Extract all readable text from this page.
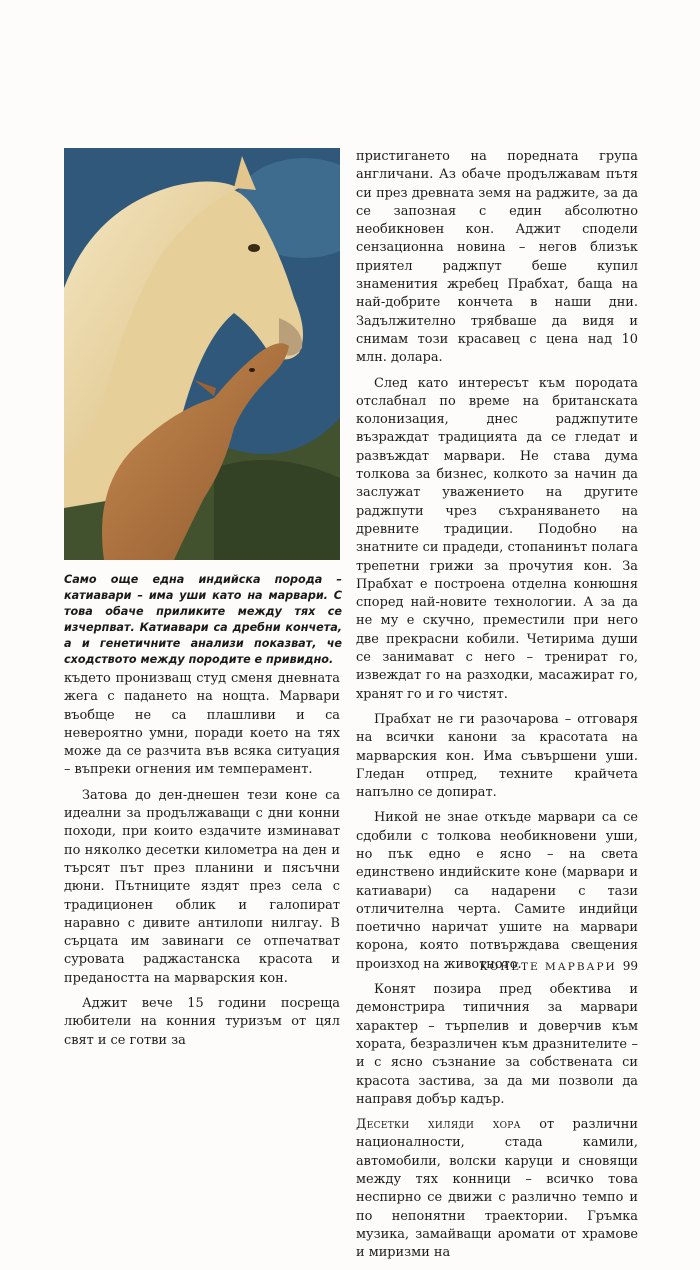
Само още една индийска порода – катиавари – има уши като на марвари. С това обаче приликите между тях се изчерпват. Катиавари са дребни кончета, а и генетичните анализи показват, че сходството между породите е привидно.

където пронизващ студ сменя дневната жега с падането на нощта. Марвари въобще не са плашливи и са невероятно умни, поради което на тях може да се разчита във всяка ситуация – въпреки огнения им темперамент.

Затова до ден-днешен тези коне са идеални за продължаващи с дни конни походи, при които ездачите изминават по няколко десетки километра на ден и търсят път през планини и пясъчни дюни. Пътниците яздят през села с традиционен облик и галопират наравно с дивите антилопи нилгау. В сърцата им завинаги се отпечатват суровата раджастанска красота и предаността на марварския кон.

Аджит вече 15 години посреща любители на конния туризъм от цял свят и се готви за

пристигането на поредната група англичани. Аз обаче продължавам пътя си през древната земя на раджите, за да се запозная с един абсолютно необикновен кон. Аджит сподели сензационна новина – негов близък приятел раджпут беше купил знаменития жребец Прабхат, баща на най-добрите кончета в наши дни. Задължително трябваше да видя и снимам този красавец с цена над 10 млн. долара.

След като интересът към породата отслабнал по време на британската колонизация, днес раджпутите възраждат традицията да се гледат и развъждат марвари. Не става дума толкова за бизнес, колкото за начин да заслужат уважението на другите раджпути чрез съхраняването на древните традиции. Подобно на знатните си прадеди, стопанинът полага трепетни грижи за прочутия кон. За Прабхат е построена отделна конюшня според най-новите технологии. А за да не му е скучно, преместили при него две прекрасни кобили. Четирима души се занимават с него – тренират го, извеждат го на разходки, масажират го, хранят го и го чистят.

Прабхат не ги разочарова – отговаря на всички канони за красотата на марварския кон. Има съвършени уши. Гледан отпред, техните крайчета напълно се допират.

Никой не знае откъде марвари са се сдобили с толкова необикновени уши, но пък едно е ясно – на света единствено индийските коне (марвари и катиавари) са надарени с тази отличителна черта. Самите индийци поетично наричат ушите на марвари корона, която потвърждава свещения произход на животното.

Конят позира пред обектива и демонстрира типичния за марвари характер – търпелив и доверчив към хората, безразличен към дразнителите – и с ясно съзнание за собствената си красота застива, за да ми позволи да направя добър кадър.

Десетки хиляди хора от различни националности, стада камили, автомобили, волски каруци и сновящи между тях конници – всичко това неспирно се движи с различно темпо и по непонятни траектории. Гръмка музика, замайващи аромати от храмове и миризми на

КОНЕТЕ МАРВАРИ 99
